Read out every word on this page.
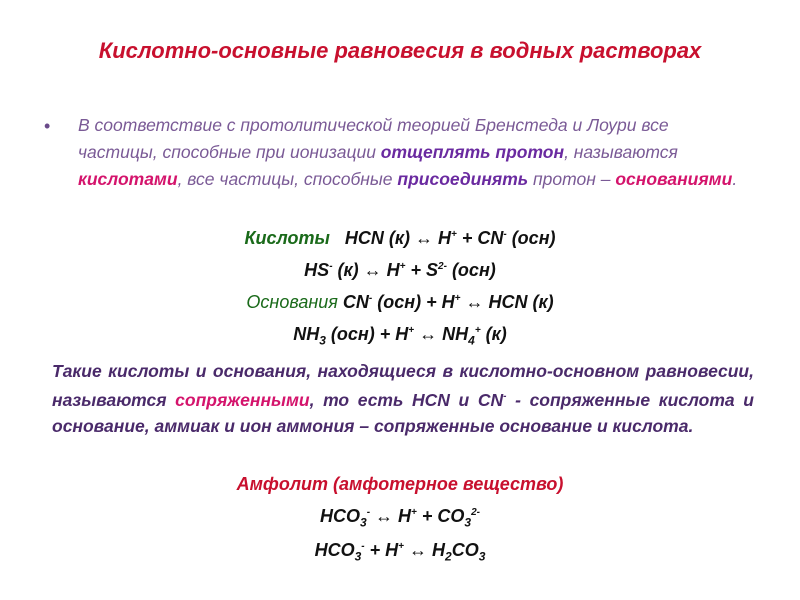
Кислотно-основные равновесия в водных растворах
• В соответствие с протолитической теорией Бренстеда и Лоури все частицы, способные при ионизации отщеплять протон, называются кислотами, все частицы, способные присоединять протон – основаниями.
Кислоты HCN (к) ↔ H+ + CN- (осн)
HS- (к) ↔ $H^+ + S^{2-}$ (осн)
Основания CN- (осн) + H+ ↔ HCN (к)
$NH_3$ (осн) + H+ ↔ $NH_4^+$ (к)
Такие кислоты и основания, находящиеся в кислотно-основном равновесии, называются сопряженными, то есть HCN и CN- - сопряженные кислота и основание, аммиак и ион аммония – сопряженные основание и кислота.
Амфолит (амфотерное вещество)
$HCO_3^-$ ↔ $H^+ + CO_3^{2-}$
$HCO_3^- + H^+$ ↔ $H_2CO_3$
